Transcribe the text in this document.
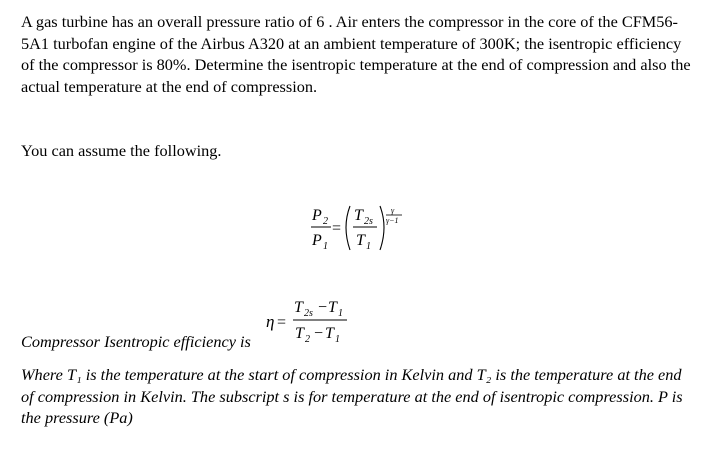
A gas turbine has an overall pressure ratio of 6 . Air enters the compressor in the core of the CFM56-5A1 turbofan engine of the Airbus A320 at an ambient temperature of 300K; the isentropic efficiency of the compressor is 80%. Determine the isentropic temperature at the end of compression and also the actual temperature at the end of compression.

You can assume the following.

P 2
P 1
=
T 2s
T 1
γ
γ−1
η =
T 2s − T 1
T 2 − T 1

Compressor Isentropic efficiency is

Where T₁ is the temperature at the start of compression in Kelvin and T₂ is the temperature at the end of compression in Kelvin. The subscript s is for temperature at the end of isentropic compression. P is the pressure (Pa)
